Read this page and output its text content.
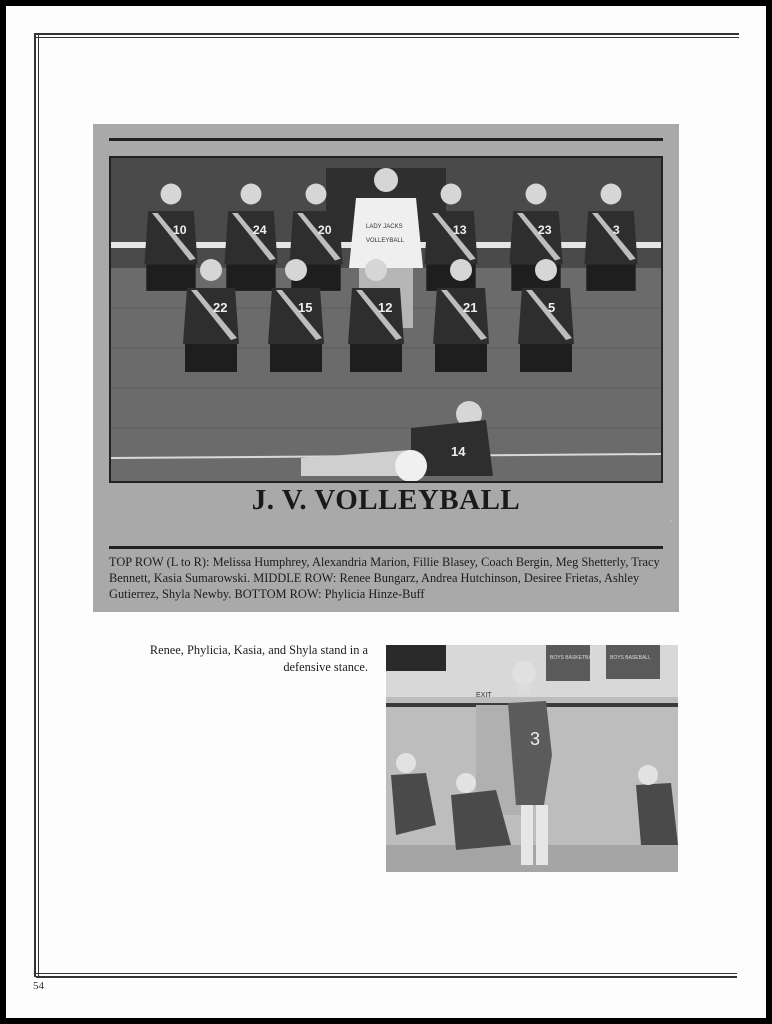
10	24	20	13	23	3
LADY JACKS
VOLLEYBALL
22	15	12	21	5
14
J. V. VOLLEYBALL
TOP ROW (L to R): Melissa Humphrey, Alexandria Marion, Fillie Blasey, Coach Bergin, Meg Shetterly, Tracy Bennett, Kasia Sumarowski. MIDDLE ROW: Renee Bungarz, Andrea Hutchinson, Desiree Frietas, Ashley Gutierrez, Shyla Newby. BOTTOM ROW: Phylicia Hinze-Buff
Renee, Phylicia, Kasia, and Shyla stand in a defensive stance.
BOYS BASKETBALL	BOYS BASEBALL
EXIT
3
54
